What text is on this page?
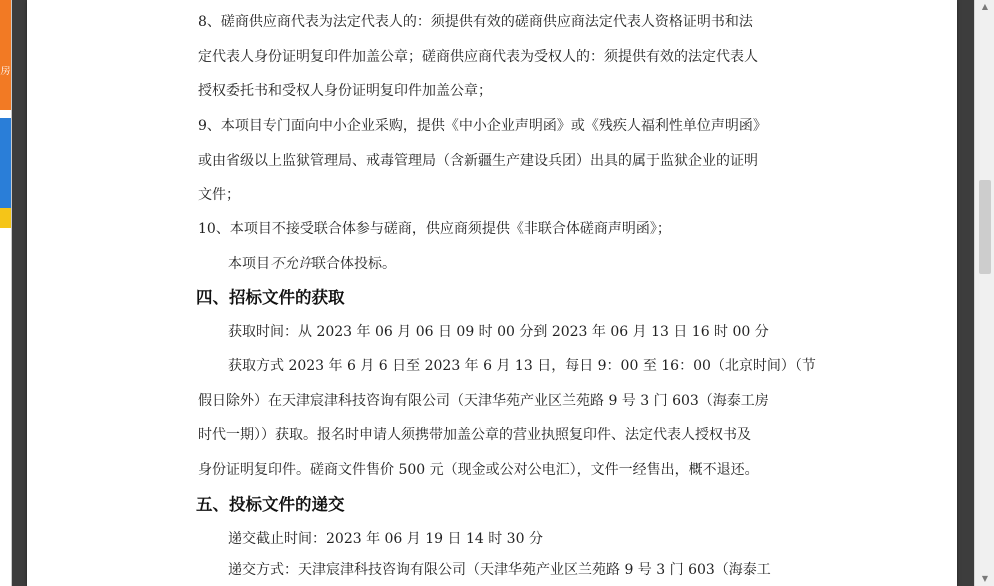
房
8、磋商供应商代表为法定代表人的：须提供有效的磋商供应商法定代表人资格证明书和法
定代表人身份证明复印件加盖公章；磋商供应商代表为受权人的：须提供有效的法定代表人
授权委托书和受权人身份证明复印件加盖公章；
9、本项目专门面向中小企业采购，提供《中小企业声明函》或《残疾人福利性单位声明函》
或由省级以上监狱管理局、戒毒管理局（含新疆生产建设兵团）出具的属于监狱企业的证明
文件；
10、本项目不接受联合体参与磋商，供应商须提供《非联合体磋商声明函》；
本项目不允许联合体投标。
四、招标文件的获取
获取时间：从 2023 年 06 月 06 日 09 时 00 分到 2023 年 06 月 13 日 16 时 00 分
获取方式 2023 年 6 月 6 日至 2023 年 6 月 13 日，每日 9：00 至 16：00（北京时间）（节
假日除外）在天津宸津科技咨询有限公司（天津华苑产业区兰苑路 9 号 3 门 603（海泰工房
时代一期））获取。报名时申请人须携带加盖公章的营业执照复印件、法定代表人授权书及
身份证明复印件。磋商文件售价 500 元（现金或公对公电汇），文件一经售出，概不退还。
五、投标文件的递交
递交截止时间：2023 年 06 月 19 日 14 时 30 分
递交方式：天津宸津科技咨询有限公司（天津华苑产业区兰苑路 9 号 3 门 603（海泰工
▲
▼
